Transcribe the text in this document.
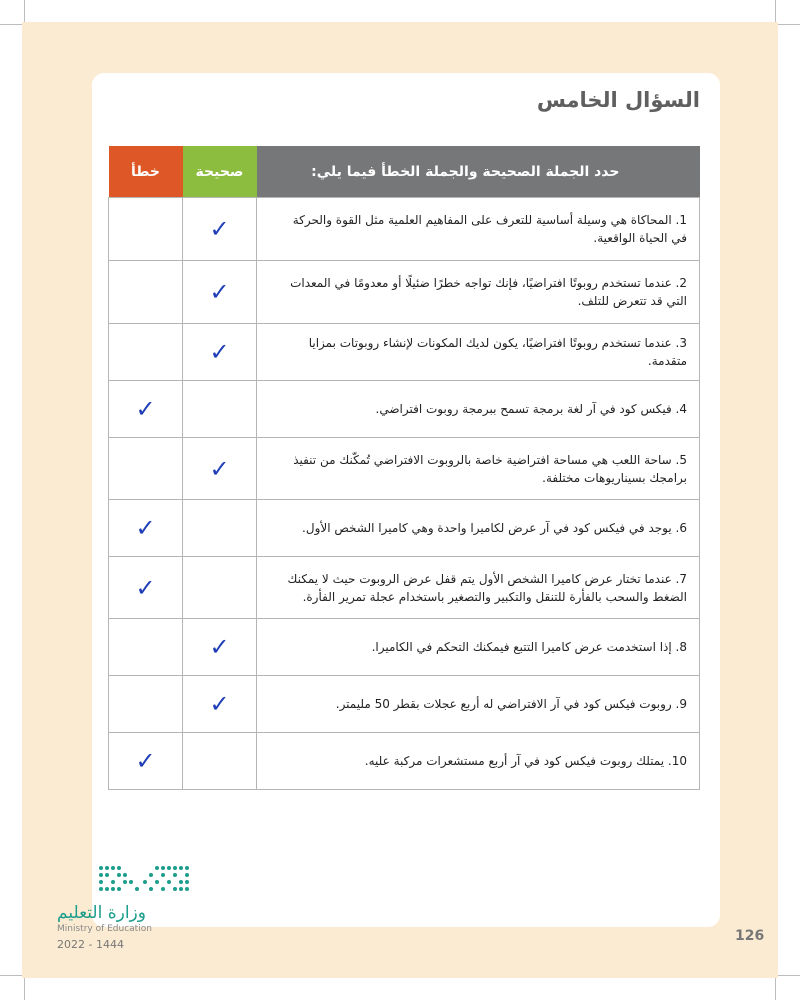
السؤال الخامس
حدد الجملة الصحيحة والجملة الخطأ فيما يلي:	صحيحة	خطأ
1. المحاكاة هي وسيلة أساسية للتعرف على المفاهيم العلمية مثل القوة والحركة في الحياة الواقعية.	✓	
2. عندما تستخدم روبوتًا افتراضيًا، فإنك تواجه خطرًا ضئيلًا أو معدومًا في المعدات التي قد تتعرض للتلف.	✓	
3. عندما تستخدم روبوتًا افتراضيًا، يكون لديك المكونات لإنشاء روبوتات بمزايا متقدمة.	✓	
4. فيكس كود في آر لغة برمجة تسمح ببرمجة روبوت افتراضي.		✓
5. ساحة اللعب هي مساحة افتراضية خاصة بالروبوت الافتراضي تُمكّنك من تنفيذ برامجك بسيناريوهات مختلفة.	✓	
6. يوجد في فيكس كود في آر عرض لكاميرا واحدة وهي كاميرا الشخص الأول.		✓
7. عندما تختار عرض كاميرا الشخص الأول يتم قفل عرض الروبوت حيث لا يمكنك الضغط والسحب بالفأرة للتنقل والتكبير والتصغير باستخدام عجلة تمرير الفأرة.		✓
8. إذا استخدمت عرض كاميرا التتبع فيمكنك التحكم في الكاميرا.	✓	
9. روبوت فيكس كود في آر الافتراضي له أربع عجلات بقطر 50 مليمتر.	✓	
10. يمتلك روبوت فيكس كود في آر أربع مستشعرات مركبة عليه.		✓
وزارة التعليم
Ministry of Education
2022 - 1444
126
